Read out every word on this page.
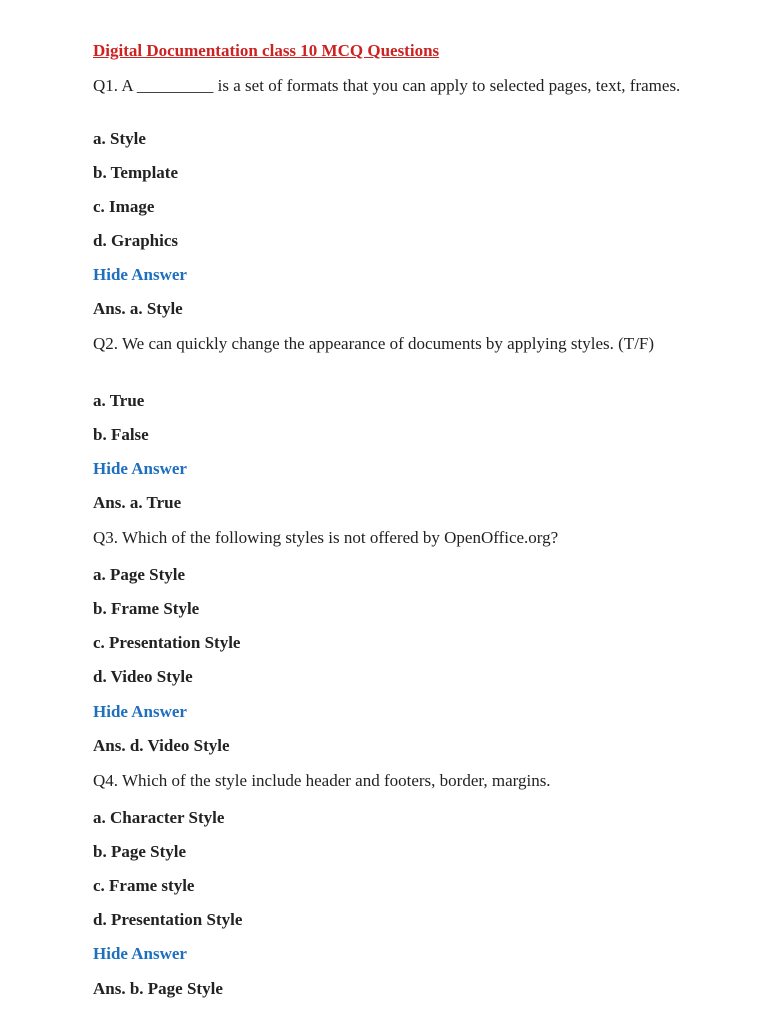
Digital Documentation class 10 MCQ Questions
Q1. A _________ is a set of formats that you can apply to selected pages, text, frames.
a. Style
b. Template
c. Image
d. Graphics
Hide Answer
Ans. a. Style
Q2. We can quickly change the appearance of documents by applying styles. (T/F)
a. True
b. False
Hide Answer
Ans. a. True
Q3. Which of the following styles is not offered by OpenOffice.org?
a. Page Style
b. Frame Style
c. Presentation Style
d. Video Style
Hide Answer
Ans. d. Video Style
Q4. Which of the style include header and footers, border, margins.
a. Character Style
b. Page Style
c. Frame style
d. Presentation Style
Hide Answer
Ans. b. Page Style
